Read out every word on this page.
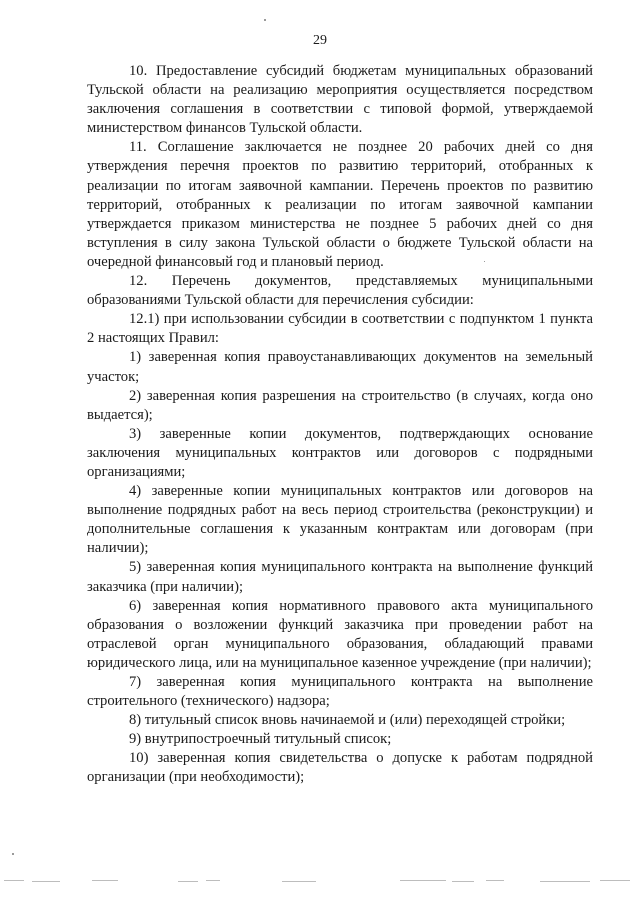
29

10. Предоставление субсидий бюджетам муниципальных образований Тульской области на реализацию мероприятия осуществляется посредством заключения соглашения в соответствии с типовой формой, утверждаемой министерством финансов Тульской области.

11. Соглашение заключается не позднее 20 рабочих дней со дня утверждения перечня проектов по развитию территорий, отобранных к реализации по итогам заявочной кампании. Перечень проектов по развитию территорий, отобранных к реализации по итогам заявочной кампании утверждается приказом министерства не позднее 5 рабочих дней со дня вступления в силу закона Тульской области о бюджете Тульской области на очередной финансовый год и плановый период.

12. Перечень документов, представляемых муниципальными образованиями Тульской области для перечисления субсидии:

12.1) при использовании субсидии в соответствии с подпунктом 1 пункта 2 настоящих Правил:

1) заверенная копия правоустанавливающих документов на земельный участок;

2) заверенная копия разрешения на строительство (в случаях, когда оно выдается);

3) заверенные копии документов, подтверждающих основание заключения муниципальных контрактов или договоров с подрядными организациями;

4) заверенные копии муниципальных контрактов или договоров на выполнение подрядных работ на весь период строительства (реконструкции) и дополнительные соглашения к указанным контрактам или договорам (при наличии);

5) заверенная копия муниципального контракта на выполнение функций заказчика (при наличии);

6) заверенная копия нормативного правового акта муниципального образования о возложении функций заказчика при проведении работ на отраслевой орган муниципального образования, обладающий правами юридического лица, или на муниципальное казенное учреждение (при наличии);

7) заверенная копия муниципального контракта на выполнение строительного (технического) надзора;

8) титульный список вновь начинаемой и (или) переходящей стройки;

9) внутрипостроечный титульный список;

10) заверенная копия свидетельства о допуске к работам подрядной организации (при необходимости);
